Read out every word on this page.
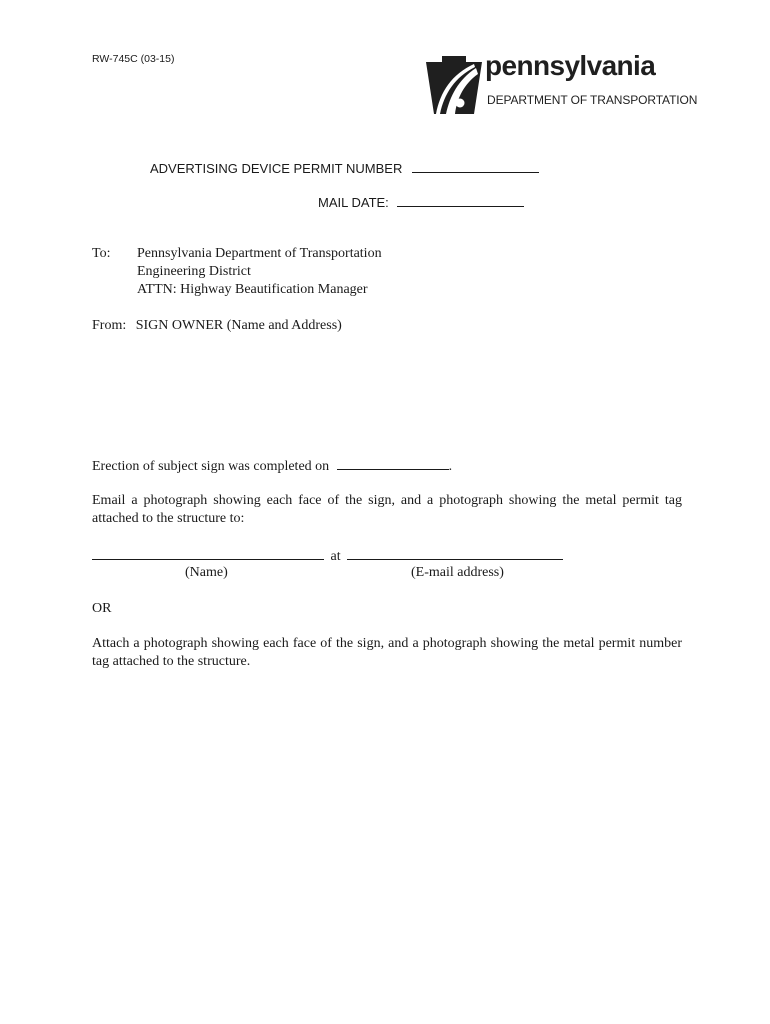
RW-745C (03-15)	pennsylvania
DEPARTMENT OF TRANSPORTATION
ADVERTISING DEVICE PERMIT NUMBER
MAIL DATE:
To: Pennsylvania Department of Transportation
Engineering District
ATTN: Highway Beautification Manager
From: SIGN OWNER (Name and Address)
Erection of subject sign was completed on	.
Email a photograph showing each face of the sign, and a photograph showing the metal permit tag attached to the structure to:
at
(Name)	(E-mail address)
OR
Attach a photograph showing each face of the sign, and a photograph showing the metal permit number tag attached to the structure.
